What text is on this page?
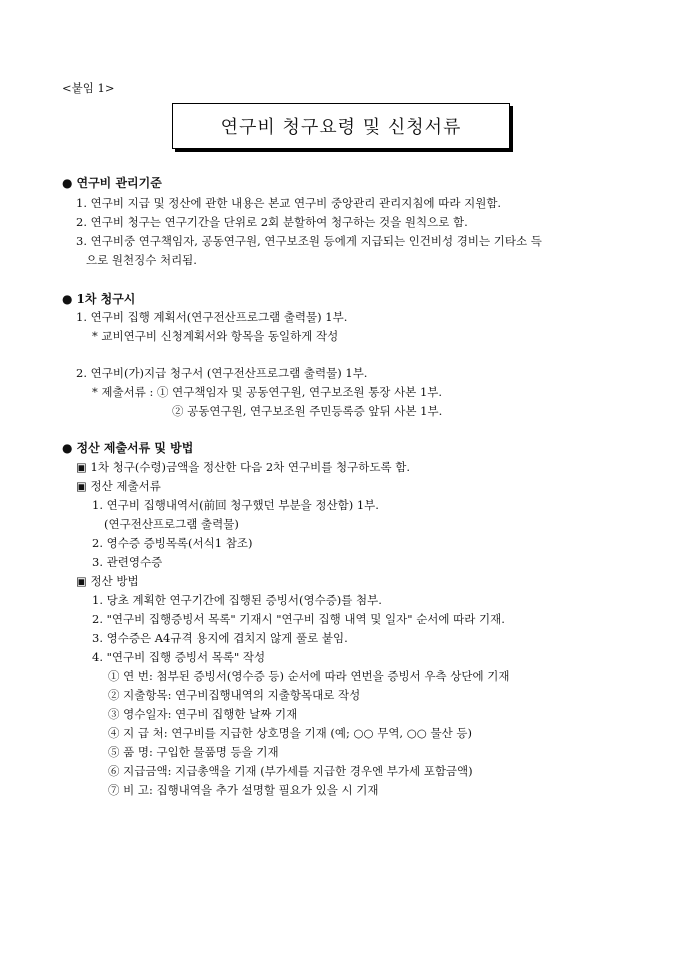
<붙임 1>
연구비 청구요령 및 신청서류
● 연구비 관리기준
1. 연구비 지급 및 정산에 관한 내용은 본교 연구비 중앙관리 관리지침에 따라 지원함.
2. 연구비 청구는 연구기간을 단위로 2회 분할하여 청구하는 것을 원칙으로 함.
3. 연구비중 연구책임자, 공동연구원, 연구보조원 등에게 지급되는 인건비성 경비는 기타소 득
으로 원천징수 처리됨.
● 1차 청구시
1. 연구비 집행 계획서(연구전산프로그램 출력물) 1부.
* 교비연구비 신청계획서와 항목을 동일하게 작성
2. 연구비(가)지급 청구서 (연구전산프로그램 출력물) 1부.
* 제출서류 : ① 연구책임자 및 공동연구원, 연구보조원 통장 사본 1부.
② 공동연구원, 연구보조원 주민등록증 앞뒤 사본 1부.
● 정산 제출서류 및 방법
▣ 1차 청구(수령)금액을 정산한 다음 2차 연구비를 청구하도록 함.
▣ 정산 제출서류
1. 연구비 집행내역서(前回 청구했던 부분을 정산함) 1부.
(연구전산프로그램 출력물)
2. 영수증 증빙목록(서식1 참조)
3. 관련영수증
▣ 정산 방법
1. 당초 계획한 연구기간에 집행된 증빙서(영수증)를 첨부.
2. "연구비 집행증빙서 목록" 기재시 "연구비 집행 내역 및 일자" 순서에 따라 기재.
3. 영수증은 A4규격 용지에 겹치지 않게 풀로 붙임.
4. "연구비 집행 증빙서 목록" 작성
① 연 번: 첨부된 증빙서(영수증 등) 순서에 따라 연번을 증빙서 우측 상단에 기재
② 지출항목: 연구비집행내역의 지출항목대로 작성
③ 영수일자: 연구비 집행한 날짜 기재
④ 지 급 처: 연구비를 지급한 상호명을 기재 (예; ○○ 무역, ○○ 물산 등)
⑤ 품 명: 구입한 물품명 등을 기재
⑥ 지급금액: 지급총액을 기재 (부가세를 지급한 경우엔 부가세 포함금액)
⑦ 비 고: 집행내역을 추가 설명할 필요가 있을 시 기재
